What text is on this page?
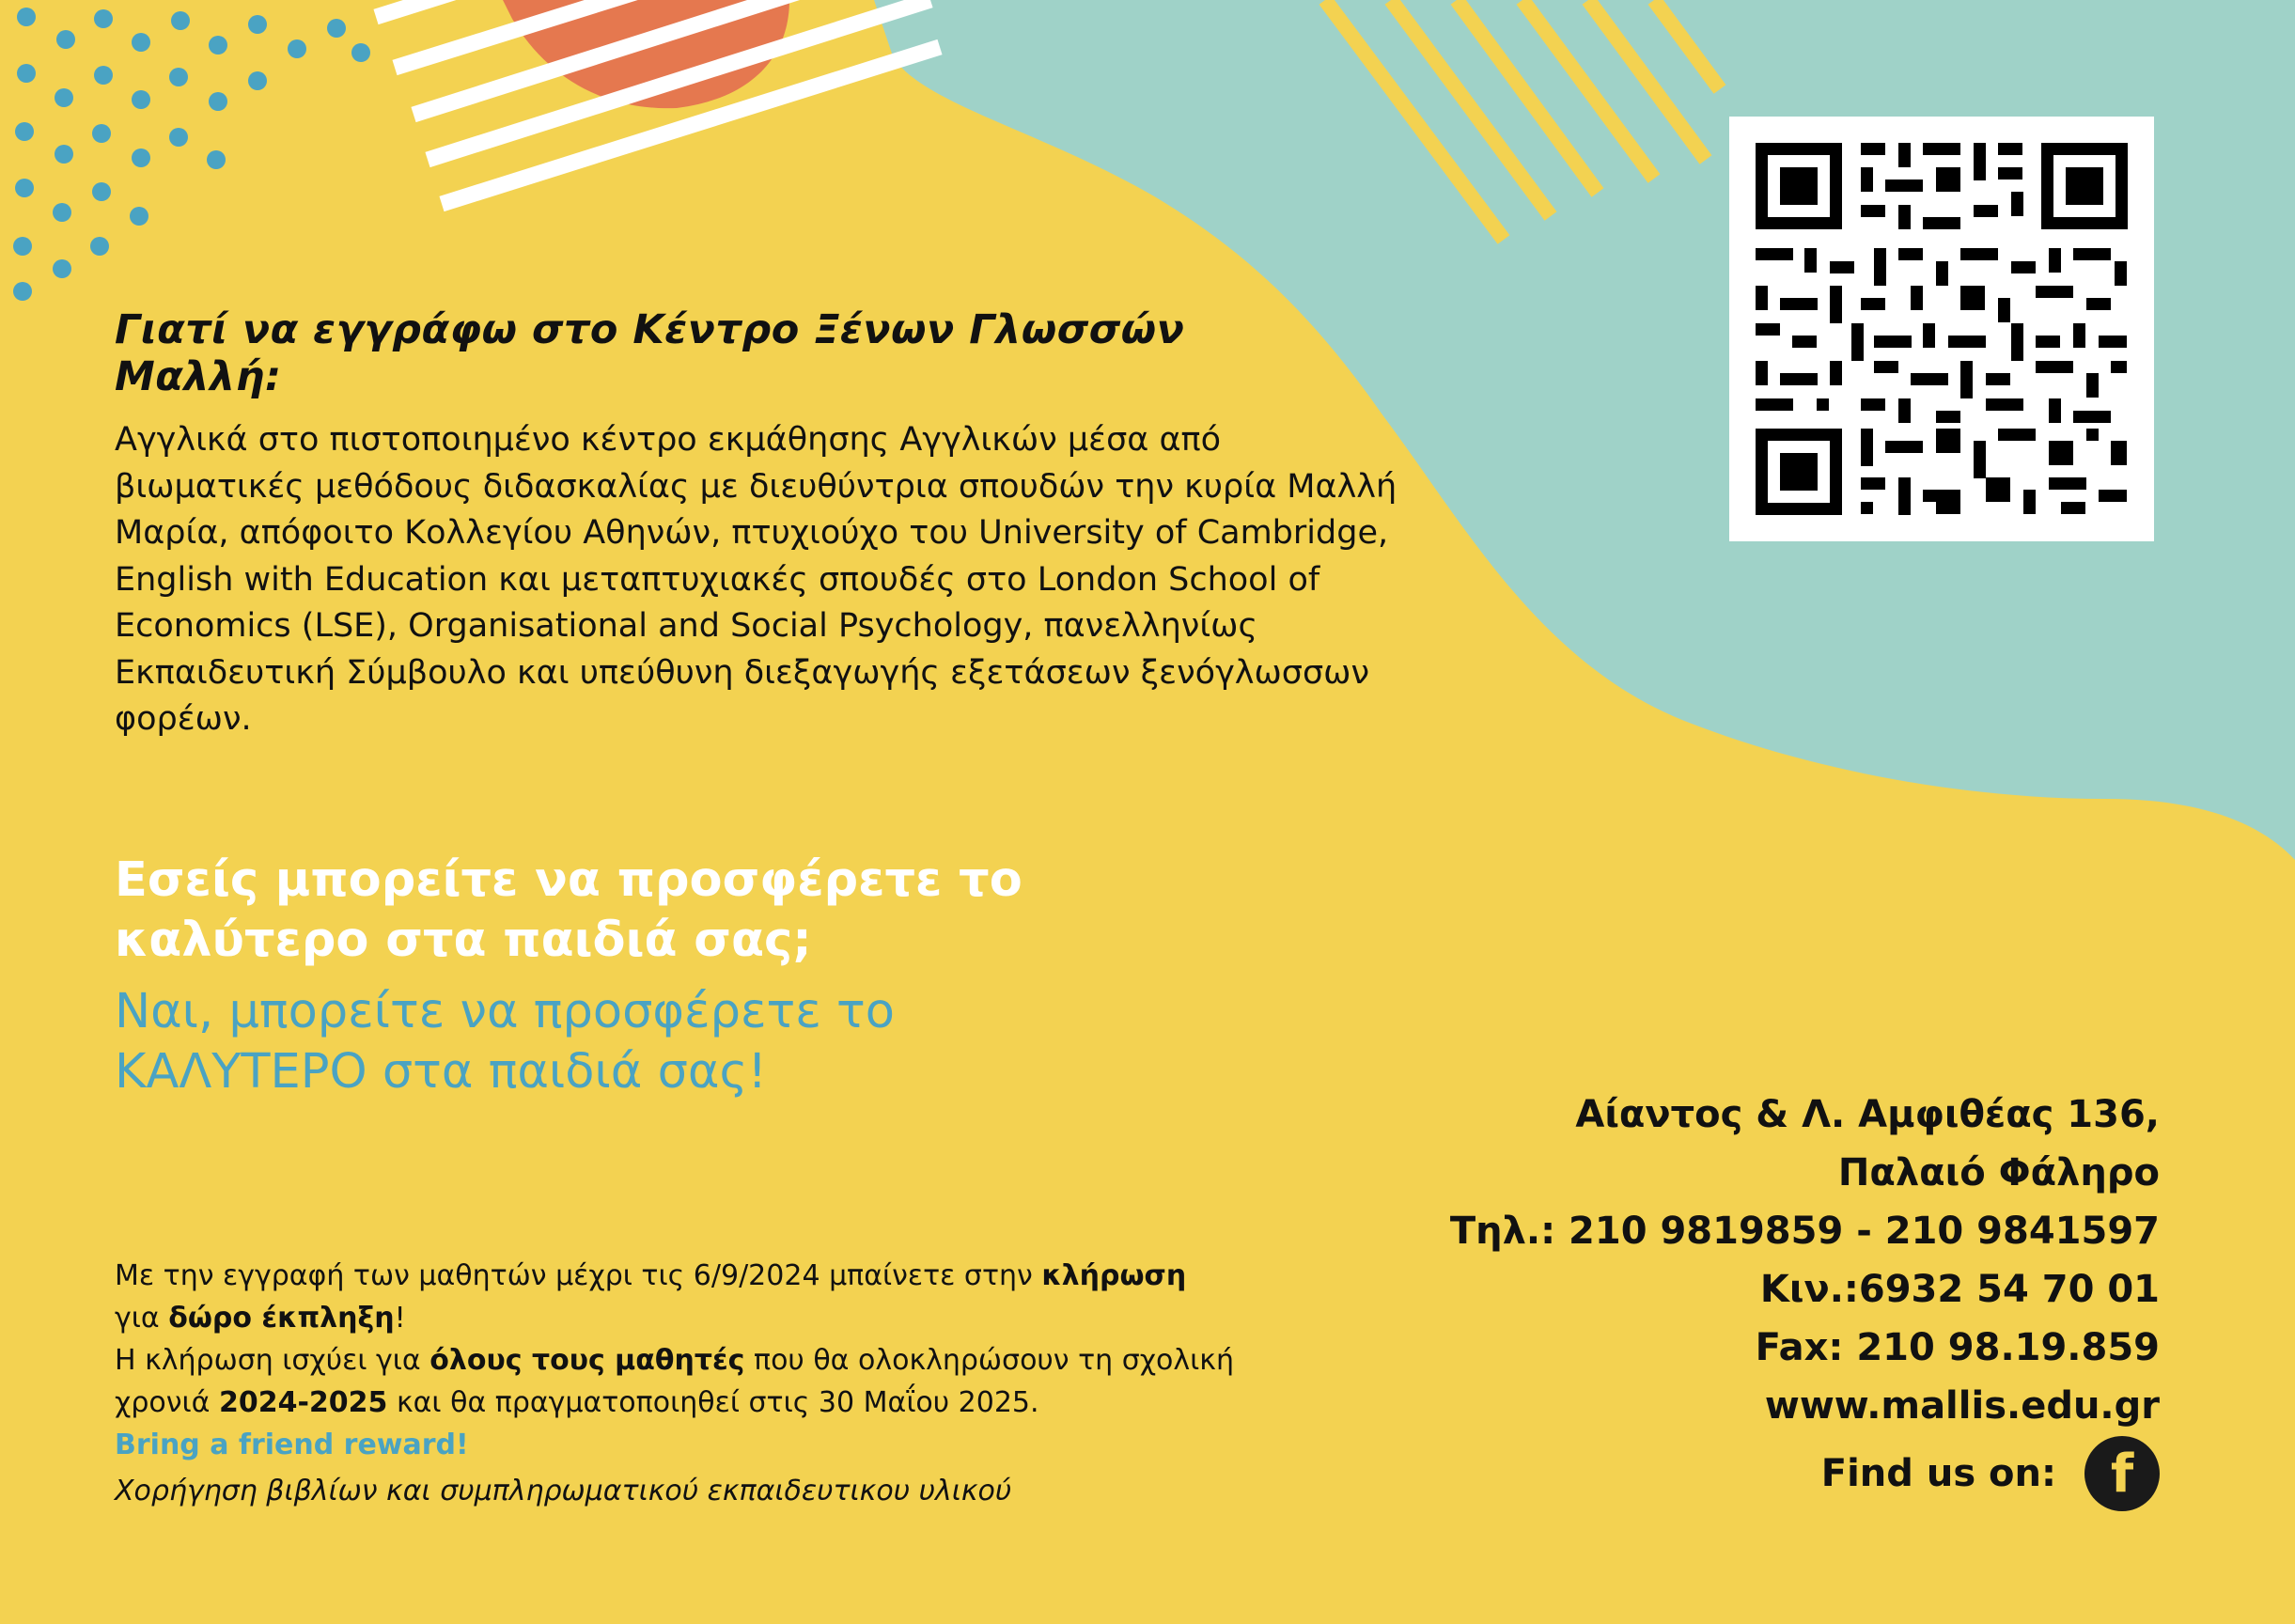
Γιατί να εγγράφω στο Κέντρο Ξένων Γλωσσών
Μαλλή:
Αγγλικά στο πιστοποιημένο κέντρο εκμάθησης Αγγλικών μέσα από βιωματικές μεθόδους διδασκαλίας με διευθύντρια σπουδών την κυρία Μαλλή Μαρία, απόφοιτο Κολλεγίου Αθηνών, πτυχιούχο του University of Cambridge, English with Education και μεταπτυχιακές σπουδές στο London School of Economics (LSE), Organisational and Social Psychology, πανελληνίως Εκπαιδευτική Σύμβουλο και υπεύθυνη διεξαγωγής εξετάσεων ξενόγλωσσων φορέων.
Εσείς μπορείτε να προσφέρετε το καλύτερο στα παιδιά σας;
Ναι, μπορείτε να προσφέρετε το ΚΑΛΥΤΕΡΟ στα παιδιά σας!
Με την εγγραφή των μαθητών μέχρι τις 6/9/2024 μπαίνετε στην κλήρωση
για δώρο έκπληξη!
Η κλήρωση ισχύει για όλους τους μαθητές που θα ολοκληρώσουν τη σχολική χρονιά 2024-2025 και θα πραγματοποιηθεί στις 30 Μαΐου 2025.
Bring a friend reward!
Χορήγηση βιβλίων και συμπληρωματικού εκπαιδευτικου υλικού
Αίαντος & Λ. Αμφιθέας 136,
Παλαιό Φάληρο
Τηλ.: 210 9819859 - 210 9841597
Κιν.:6932 54 70 01
Fax: 210 98.19.859
www.mallis.edu.gr
Find us on:	f
